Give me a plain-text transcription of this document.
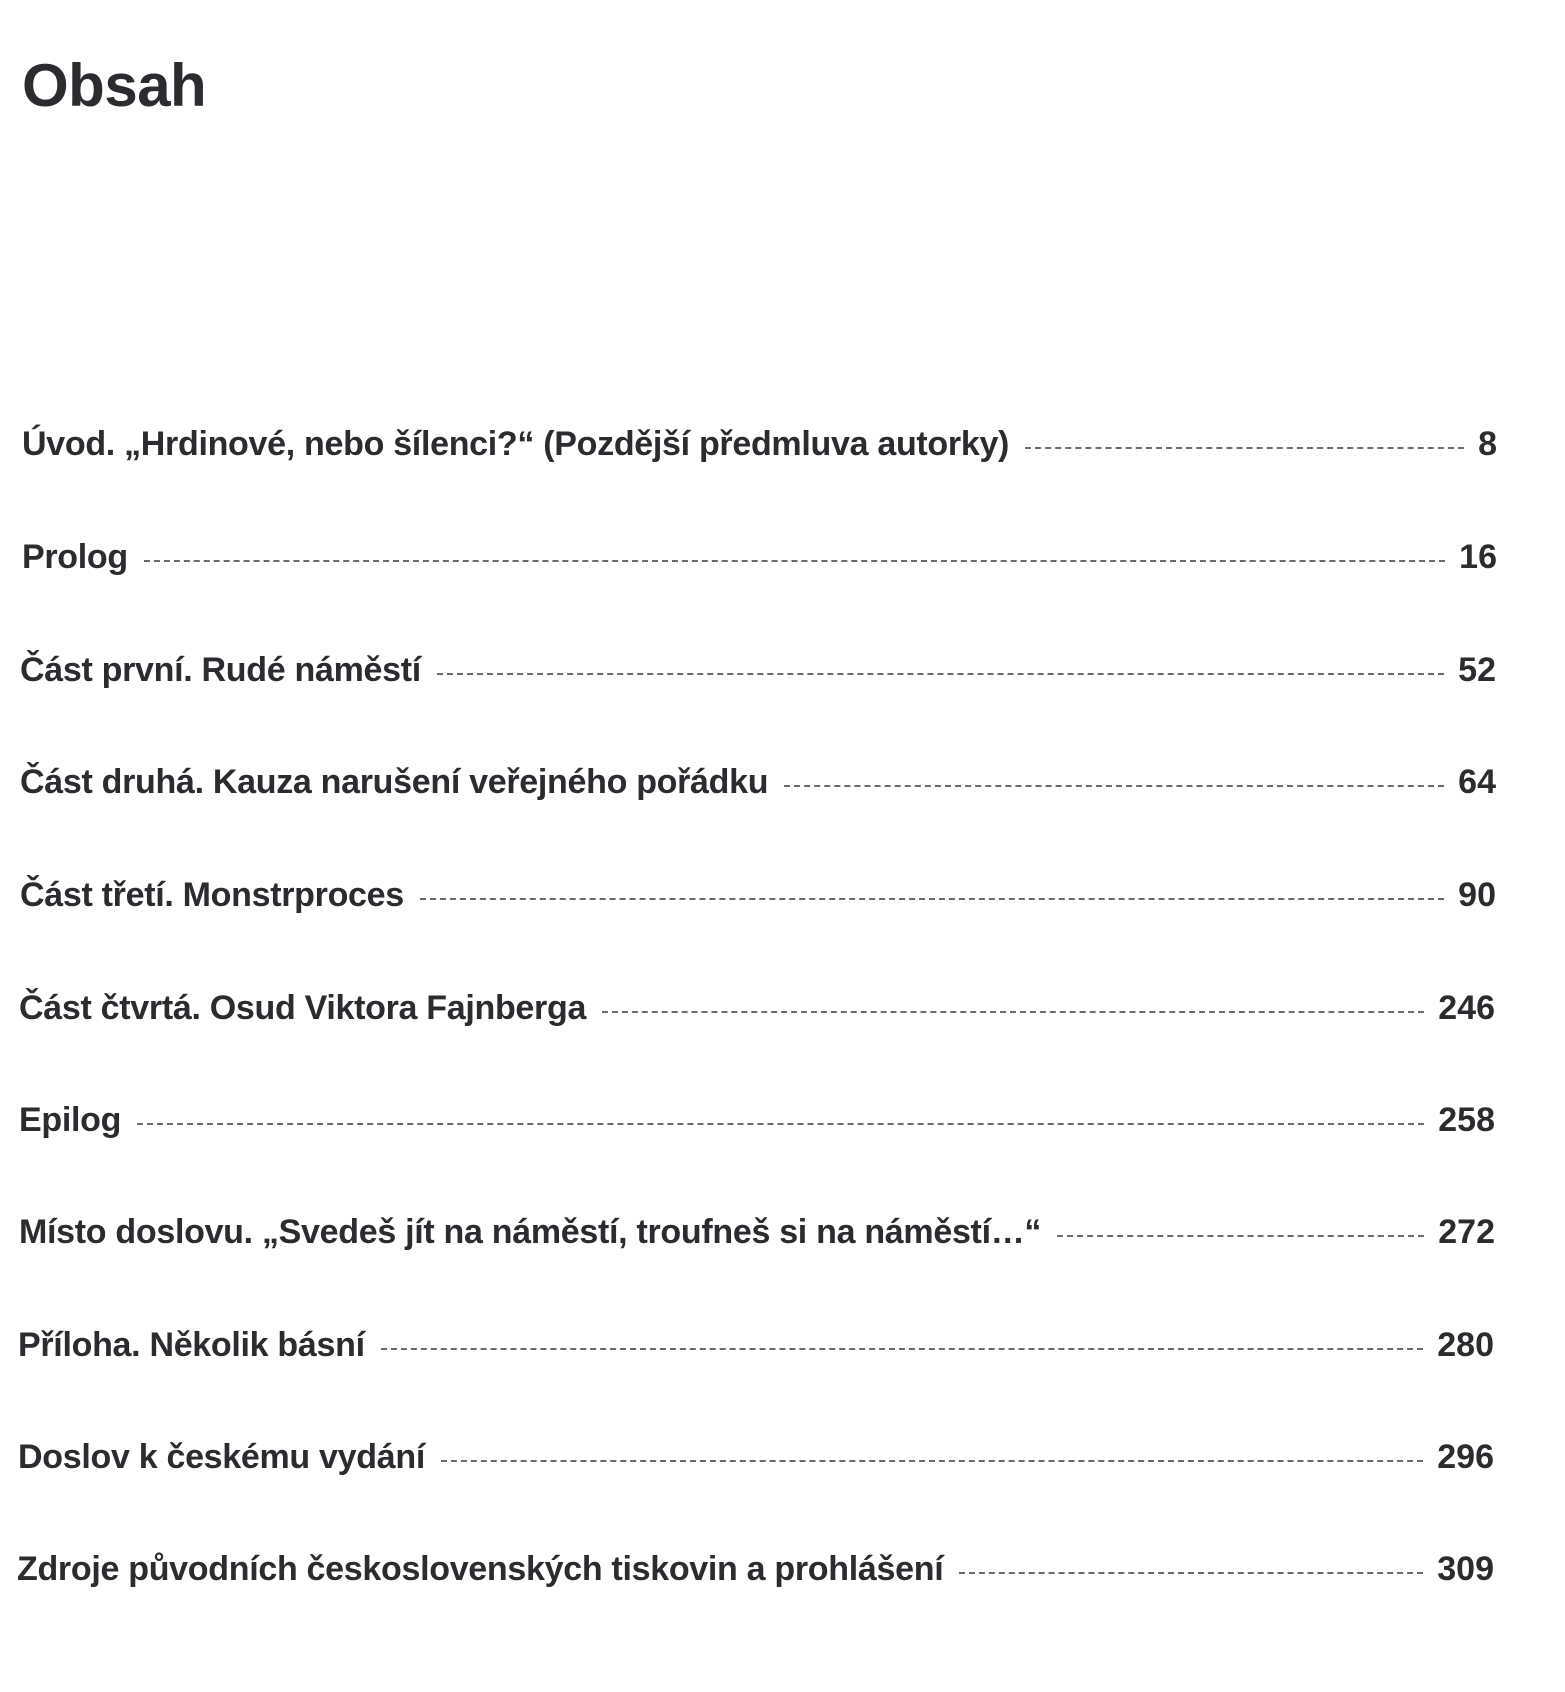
Obsah
Úvod. „Hrdinové, nebo šílenci?“ (Pozdější předmluva autorky)	8
Prolog	16
Část první. Rudé náměstí	52
Část druhá. Kauza narušení veřejného pořádku	64
Část třetí. Monstrproces	90
Část čtvrtá. Osud Viktora Fajnberga	246
Epilog	258
Místo doslovu. „Svedeš jít na náměstí, troufneš si na náměstí…“	272
Příloha. Několik básní	280
Doslov k českému vydání	296
Zdroje původních československých tiskovin a prohlášení	309
